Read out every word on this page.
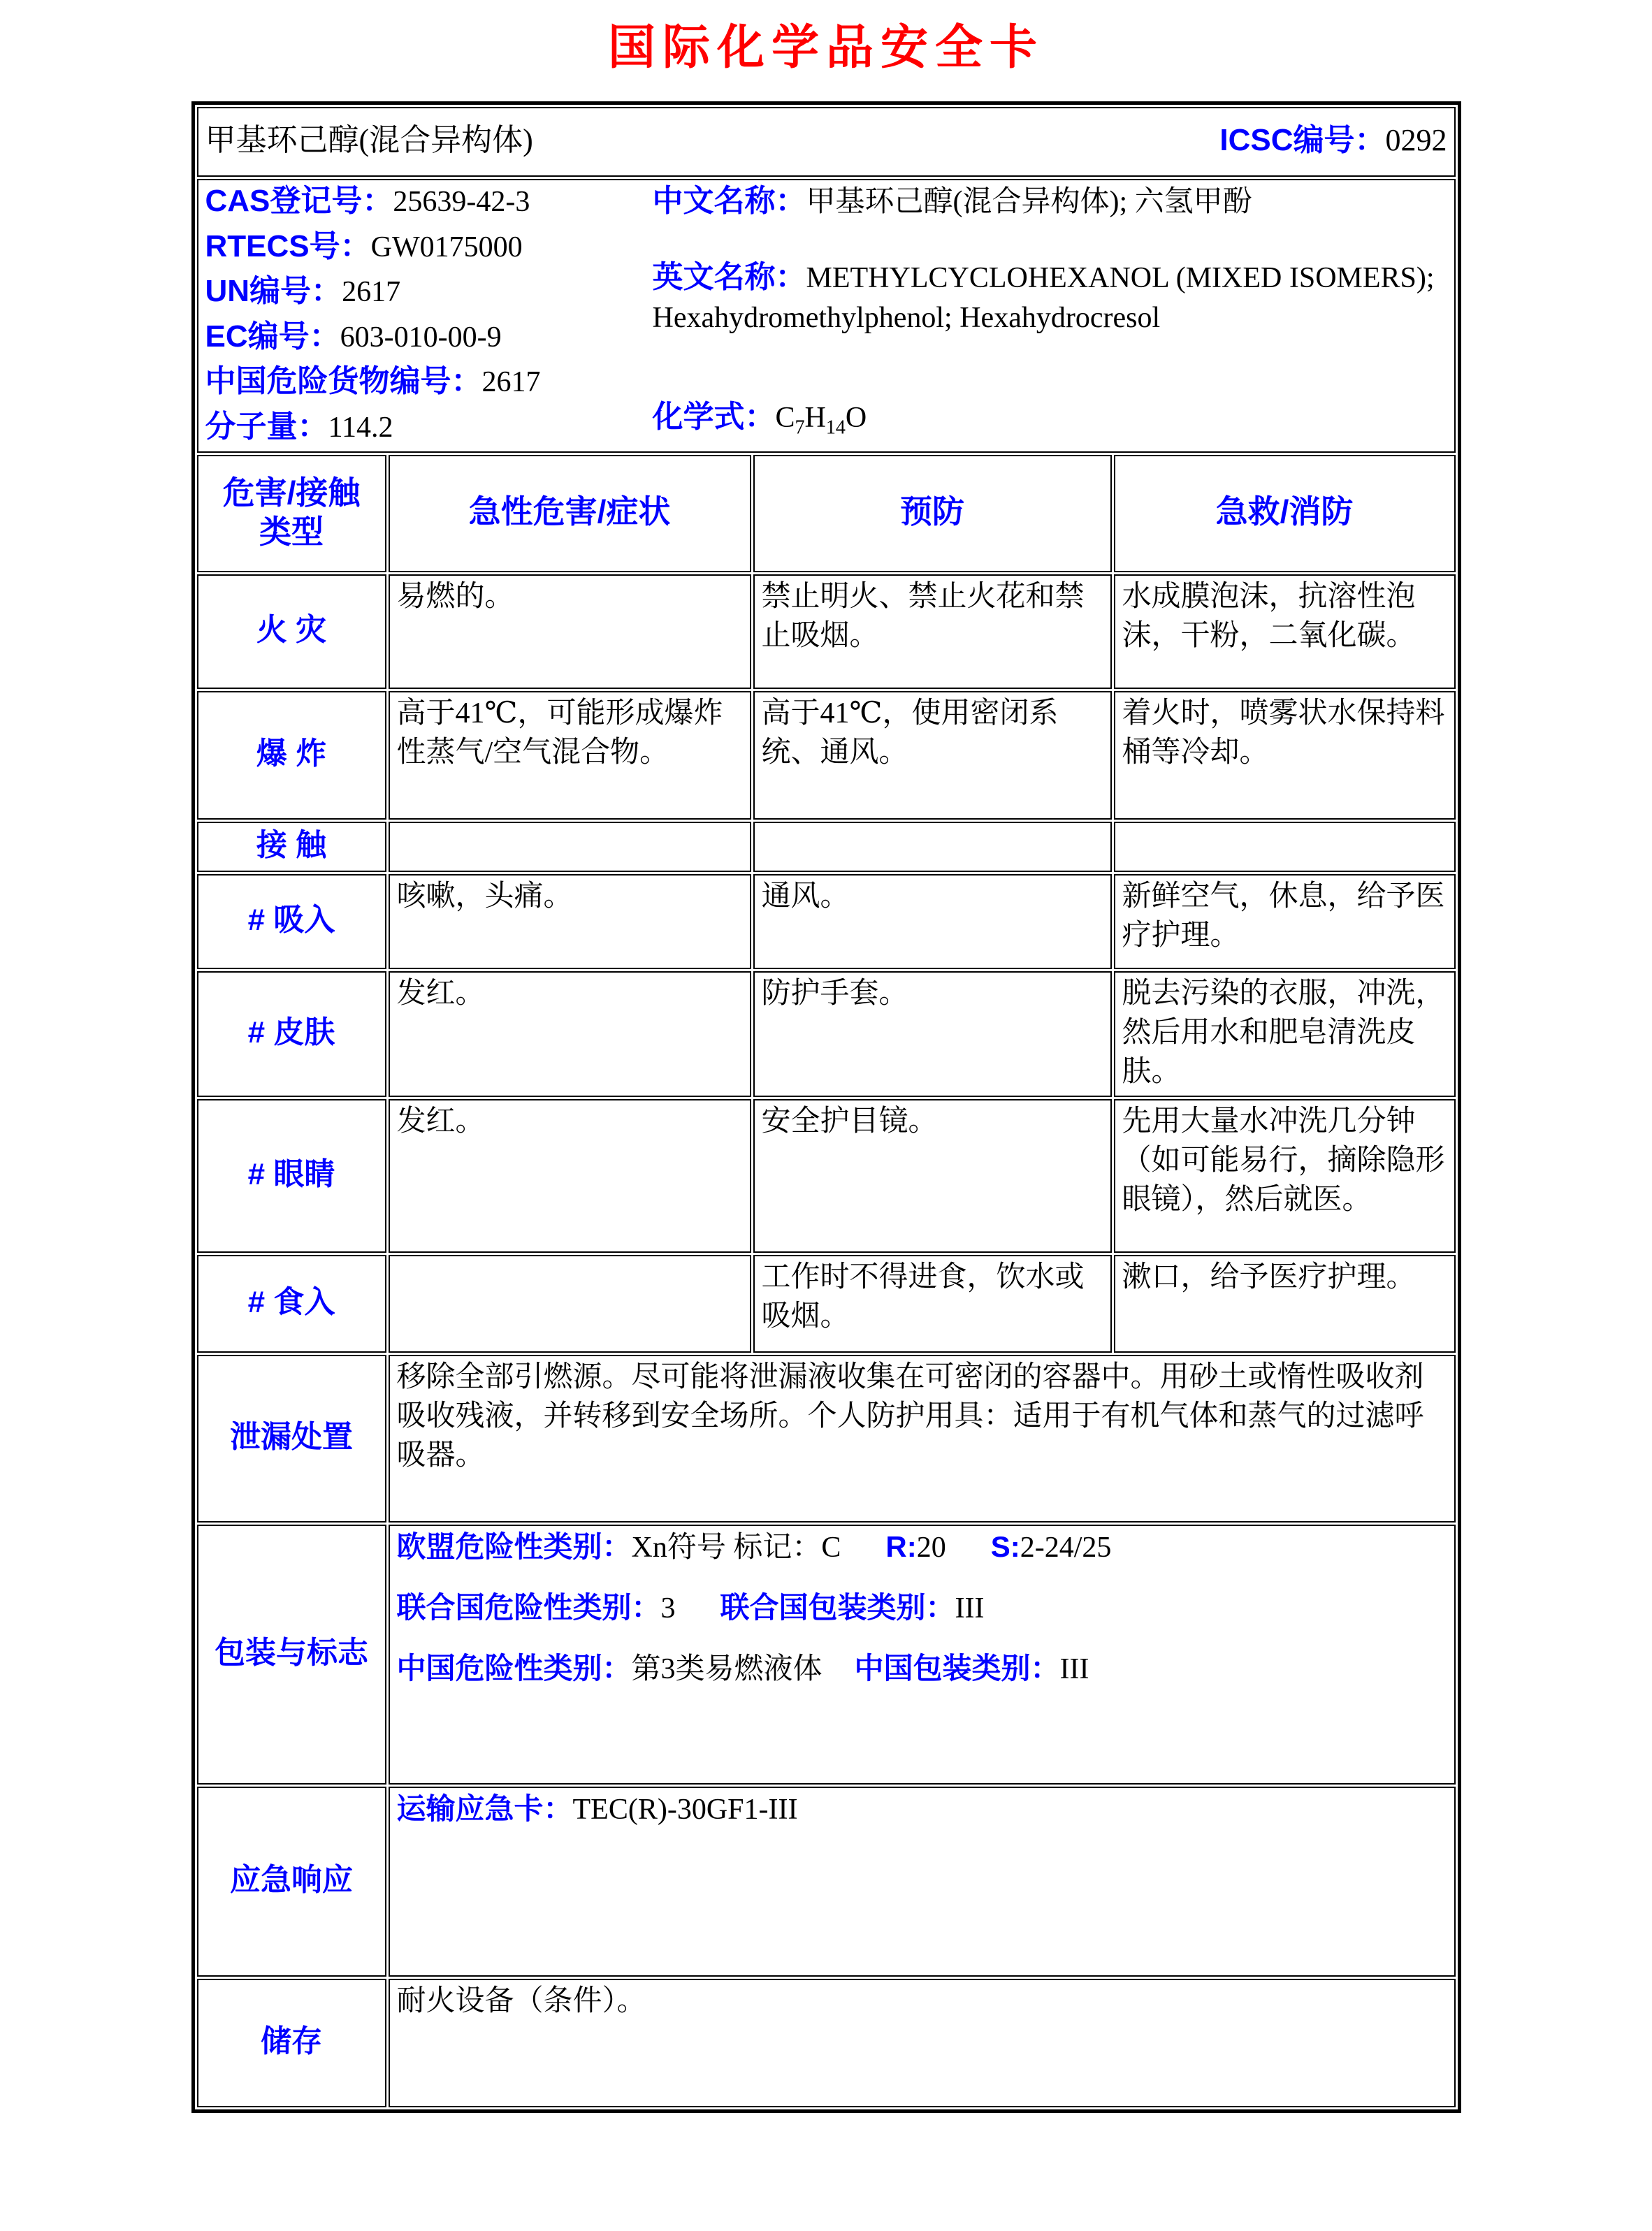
国际化学品安全卡
甲基环己醇(混合异构体) ICSC编号：0292			

CAS登记号：25639-42-3
RTECS号：GW0175000
UN编号：2617
EC编号：603-010-00-9
中国危险货物编号：2617
分子量：114.2
中文名称：甲基环己醇(混合异构体); 六氢甲酚
英文名称：METHYLCYCLOHEXANOL (MIXED ISOMERS); Hexahydromethylphenol; Hexahydrocresol
化学式：$C_7H_{14}O$

危害/接触
类型	急性危害/症状	预防	急救/消防
火 灾	易燃的。	禁止明火、禁止火花和禁止吸烟。	水成膜泡沫，抗溶性泡沫，干粉，二氧化碳。
爆 炸	高于41℃，可能形成爆炸性蒸气/空气混合物。	高于41℃，使用密闭系统、通风。	着火时，喷雾状水保持料桶等冷却。
接 触			
# 吸入	咳嗽，头痛。	通风。	新鲜空气，休息，给予医疗护理。
# 皮肤	发红。	防护手套。	脱去污染的衣服，冲洗，然后用水和肥皂清洗皮肤。
# 眼睛	发红。	安全护目镜。	先用大量水冲洗几分钟（如可能易行，摘除隐形眼镜），然后就医。
# 食入		工作时不得进食，饮水或吸烟。	漱口，给予医疗护理。
泄漏处置	移除全部引燃源。尽可能将泄漏液收集在可密闭的容器中。用砂土或惰性吸收剂吸收残液，并转移到安全场所。个人防护用具：适用于有机气体和蒸气的过滤呼吸器。		
包装与标志	欧盟危险性类别：Xn符号 标记：C R:20 S:2-24/25
联合国危险性类别：3 联合国包装类别：III
中国危险性类别：第3类易燃液体 中国包装类别：III		

应急响应	运输应急卡：TEC(R)-30GF1-III		
储存	耐火设备（条件）。		
